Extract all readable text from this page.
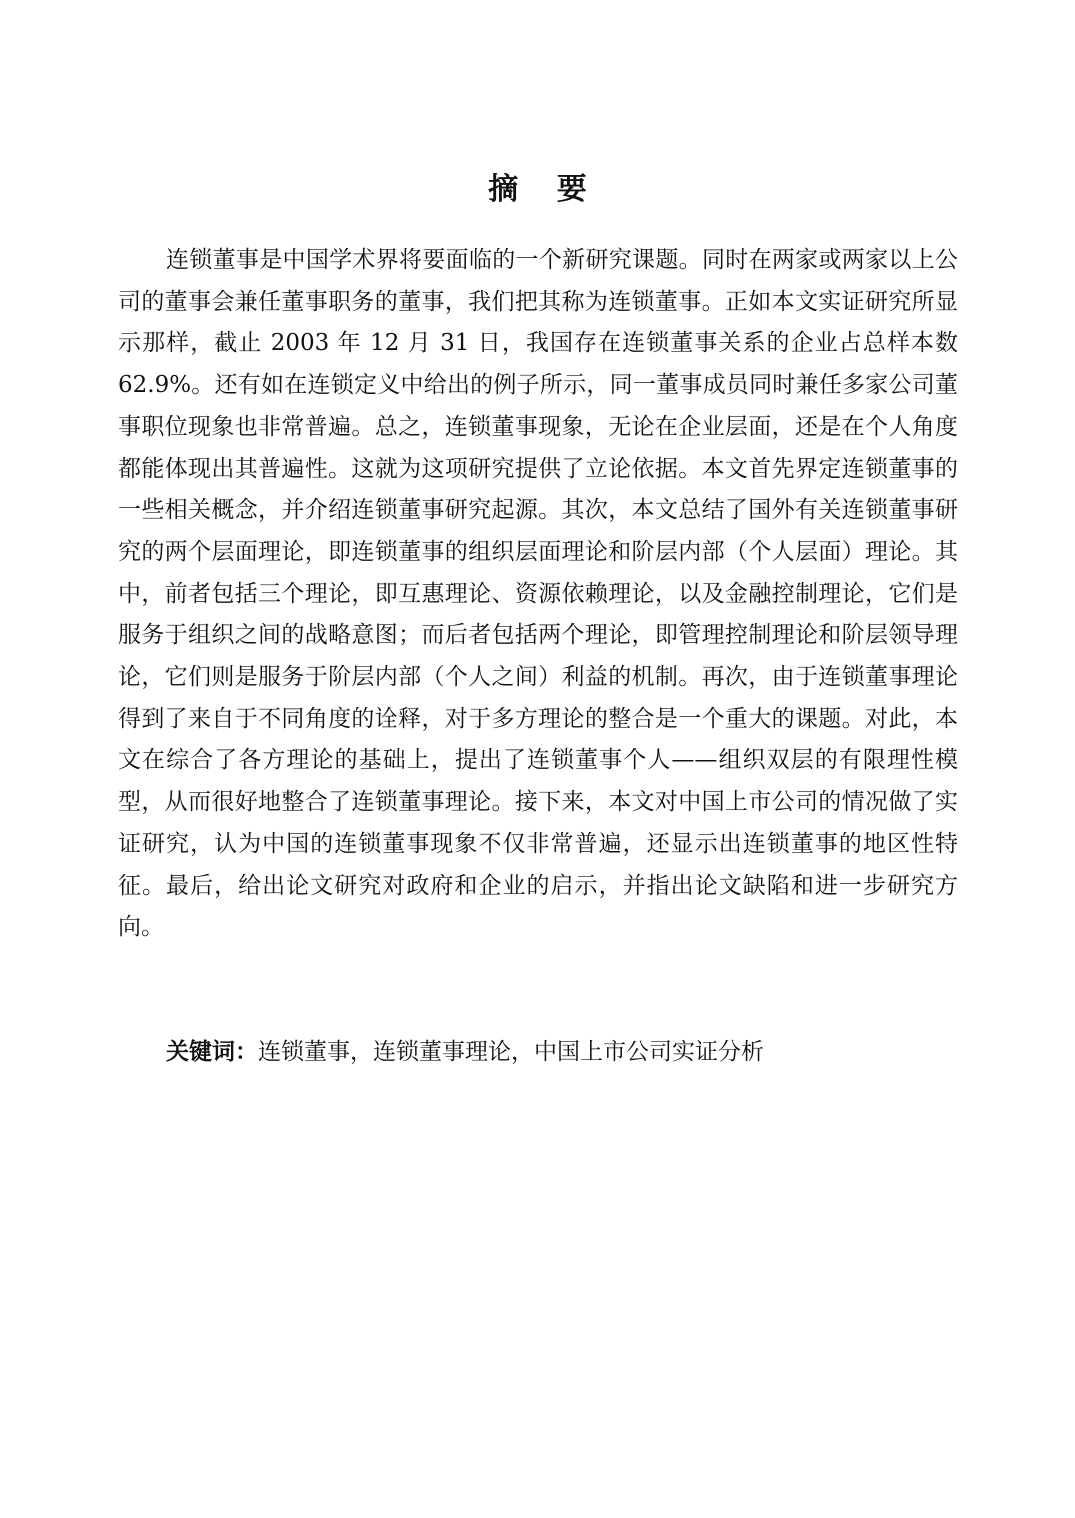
摘 要

连锁董事是中国学术界将要面临的一个新研究课题。同时在两家或两家以上公司的董事会兼任董事职务的董事，我们把其称为连锁董事。正如本文实证研究所显示那样，截止 2003 年 12 月 31 日，我国存在连锁董事关系的企业占总样本数 62.9%。还有如在连锁定义中给出的例子所示，同一董事成员同时兼任多家公司董事职位现象也非常普遍。总之，连锁董事现象，无论在企业层面，还是在个人角度都能体现出其普遍性。这就为这项研究提供了立论依据。本文首先界定连锁董事的一些相关概念，并介绍连锁董事研究起源。其次，本文总结了国外有关连锁董事研究的两个层面理论，即连锁董事的组织层面理论和阶层内部（个人层面）理论。其中，前者包括三个理论，即互惠理论、资源依赖理论，以及金融控制理论，它们是服务于组织之间的战略意图；而后者包括两个理论，即管理控制理论和阶层领导理论，它们则是服务于阶层内部（个人之间）利益的机制。再次，由于连锁董事理论得到了来自于不同角度的诠释，对于多方理论的整合是一个重大的课题。对此，本文在综合了各方理论的基础上，提出了连锁董事个人——组织双层的有限理性模型，从而很好地整合了连锁董事理论。接下来，本文对中国上市公司的情况做了实证研究，认为中国的连锁董事现象不仅非常普遍，还显示出连锁董事的地区性特征。最后，给出论文研究对政府和企业的启示，并指出论文缺陷和进一步研究方向。

关键词：连锁董事，连锁董事理论，中国上市公司实证分析
